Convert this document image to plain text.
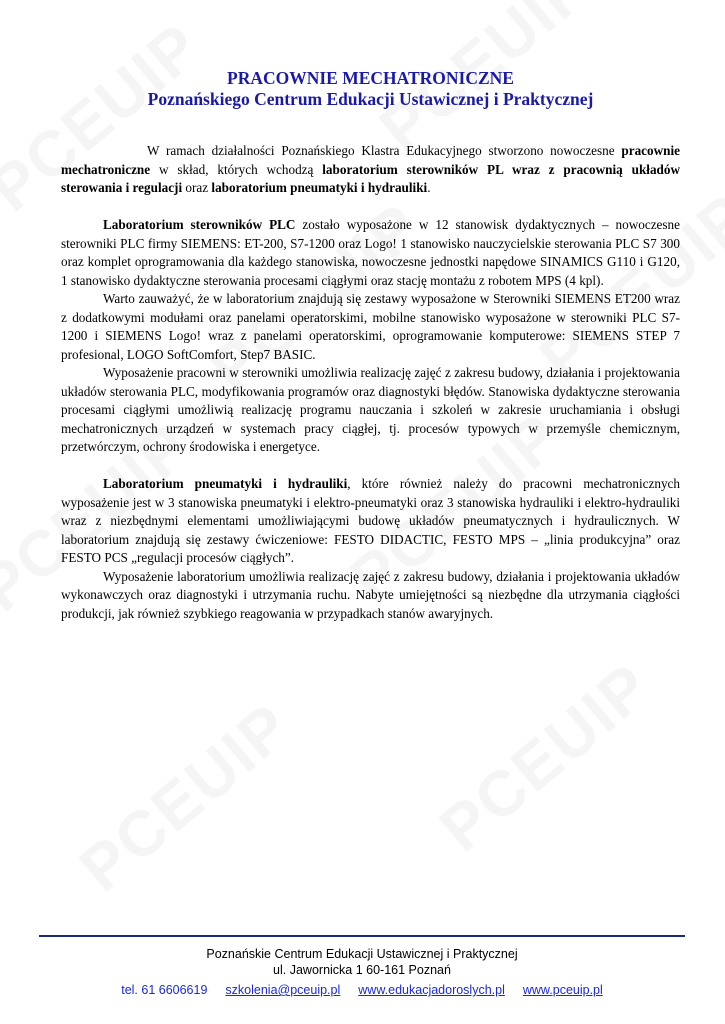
PRACOWNIE MECHATRONICZNE
Poznańskiego Centrum Edukacji Ustawicznej i Praktycznej

W ramach działalności Poznańskiego Klastra Edukacyjnego stworzono nowoczesne pracownie mechatroniczne w skład, których wchodzą laboratorium sterowników PL wraz z pracownią układów sterowania i regulacji oraz laboratorium pneumatyki i hydrauliki.

Laboratorium sterowników PLC zostało wyposażone w 12 stanowisk dydaktycznych – nowoczesne sterowniki PLC firmy SIEMENS: ET-200, S7-1200 oraz Logo! 1 stanowisko nauczycielskie sterowania PLC S7 300 oraz komplet oprogramowania dla każdego stanowiska, nowoczesne jednostki napędowe SINAMICS G110 i G120, 1 stanowisko dydaktyczne sterowania procesami ciągłymi oraz stację montażu z robotem MPS (4 kpl).

Warto zauważyć, że w laboratorium znajdują się zestawy wyposażone w Sterowniki SIEMENS ET200 wraz z dodatkowymi modułami oraz panelami operatorskimi, mobilne stanowisko wyposażone w sterowniki PLC S7-1200 i SIEMENS Logo! wraz z panelami operatorskimi, oprogramowanie komputerowe: SIEMENS STEP 7 profesional, LOGO SoftComfort, Step7 BASIC.

Wyposażenie pracowni w sterowniki umożliwia realizację zajęć z zakresu budowy, działania i projektowania układów sterowania PLC, modyfikowania programów oraz diagnostyki błędów. Stanowiska dydaktyczne sterowania procesami ciągłymi umożliwią realizację programu nauczania i szkoleń w zakresie uruchamiania i obsługi mechatronicznych urządzeń w systemach pracy ciągłej, tj. procesów typowych w przemyśle chemicznym, przetwórczym, ochrony środowiska i energetyce.

Laboratorium pneumatyki i hydrauliki, które również należy do pracowni mechatronicznych wyposażenie jest w 3 stanowiska pneumatyki i elektro-pneumatyki oraz 3 stanowiska hydrauliki i elektro-hydrauliki wraz z niezbędnymi elementami umożliwiającymi budowę układów pneumatycznych i hydraulicznych. W laboratorium znajdują się zestawy ćwiczeniowe: FESTO DIDACTIC, FESTO MPS – „linia produkcyjna” oraz FESTO PCS „regulacji procesów ciągłych”.

Wyposażenie laboratorium umożliwia realizację zajęć z zakresu budowy, działania i projektowania układów wykonawczych oraz diagnostyki i utrzymania ruchu. Nabyte umiejętności są niezbędne dla utrzymania ciągłości produkcji, jak również szybkiego reagowania w przypadkach stanów awaryjnych.

Poznańskie Centrum Edukacji Ustawicznej i Praktycznej
ul. Jawornicka 1 60-161 Poznań
tel. 61 6606619 szkolenia@pceuip.pl www.edukacjadoroslych.pl www.pceuip.pl
